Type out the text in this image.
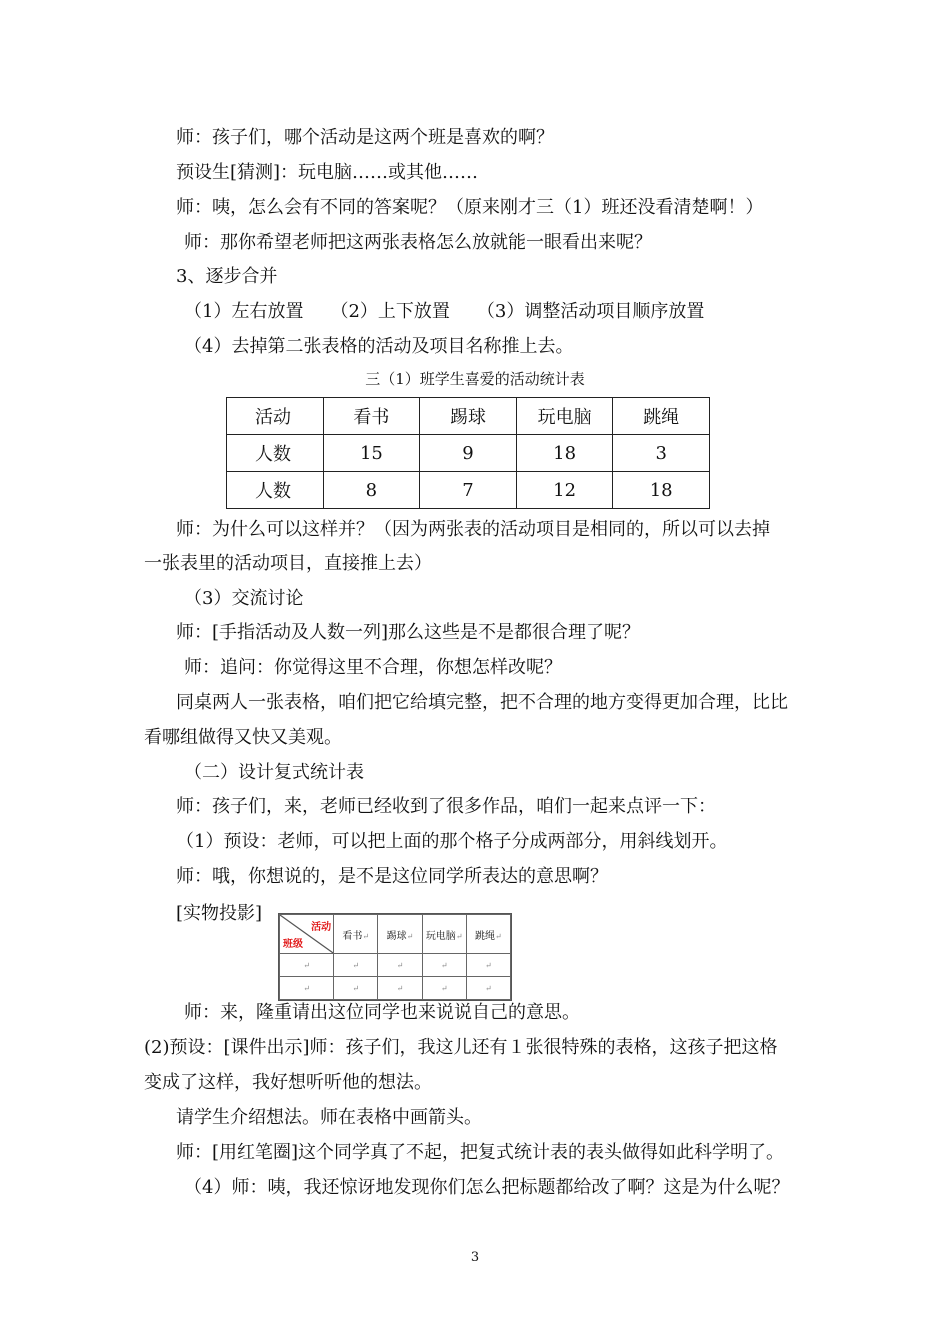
师：孩子们，哪个活动是这两个班是喜欢的啊？
预设生[猜测]：玩电脑……或其他……
师：咦，怎么会有不同的答案呢？（原来刚才三（1）班还没看清楚啊！）
师：那你希望老师把这两张表格怎么放就能一眼看出来呢？
3、逐步合并
（1）左右放置　　（2）上下放置　　（3）调整活动项目顺序放置
（4）去掉第二张表格的活动及项目名称推上去。
三（1）班学生喜爱的活动统计表
活动	看书	踢球	玩电脑	跳绳
人数	15	9	18	3
人数	8	7	12	18
师：为什么可以这样并？（因为两张表的活动项目是相同的，所以可以去掉
一张表里的活动项目，直接推上去）
（3）交流讨论
师：[手指活动及人数一列]那么这些是不是都很合理了呢？
师：追问：你觉得这里不合理，你想怎样改呢？
同桌两人一张表格，咱们把它给填完整，把不合理的地方变得更加合理，比比
看哪组做得又快又美观。
（二）设计复式统计表
师：孩子们，来，老师已经收到了很多作品，咱们一起来点评一下：
（1）预设：老师，可以把上面的那个格子分成两部分，用斜线划开。
师：哦，你想说的，是不是这位同学所表达的意思啊？
[实物投影]
活动
班级	看书↵	踢球↵	玩电脑↵	跳绳↵
↵	↵	↵	↵	↵
↵	↵	↵	↵	↵
师：来，隆重请出这位同学也来说说自己的意思。
(2)预设：[课件出示]师：孩子们，我这儿还有１张很特殊的表格，这孩子把这格
变成了这样，我好想听听他的想法。
请学生介绍想法。师在表格中画箭头。
师：[用红笔圈]这个同学真了不起，把复式统计表的表头做得如此科学明了。
（4）师：咦，我还惊讶地发现你们怎么把标题都给改了啊？这是为什么呢？
3
